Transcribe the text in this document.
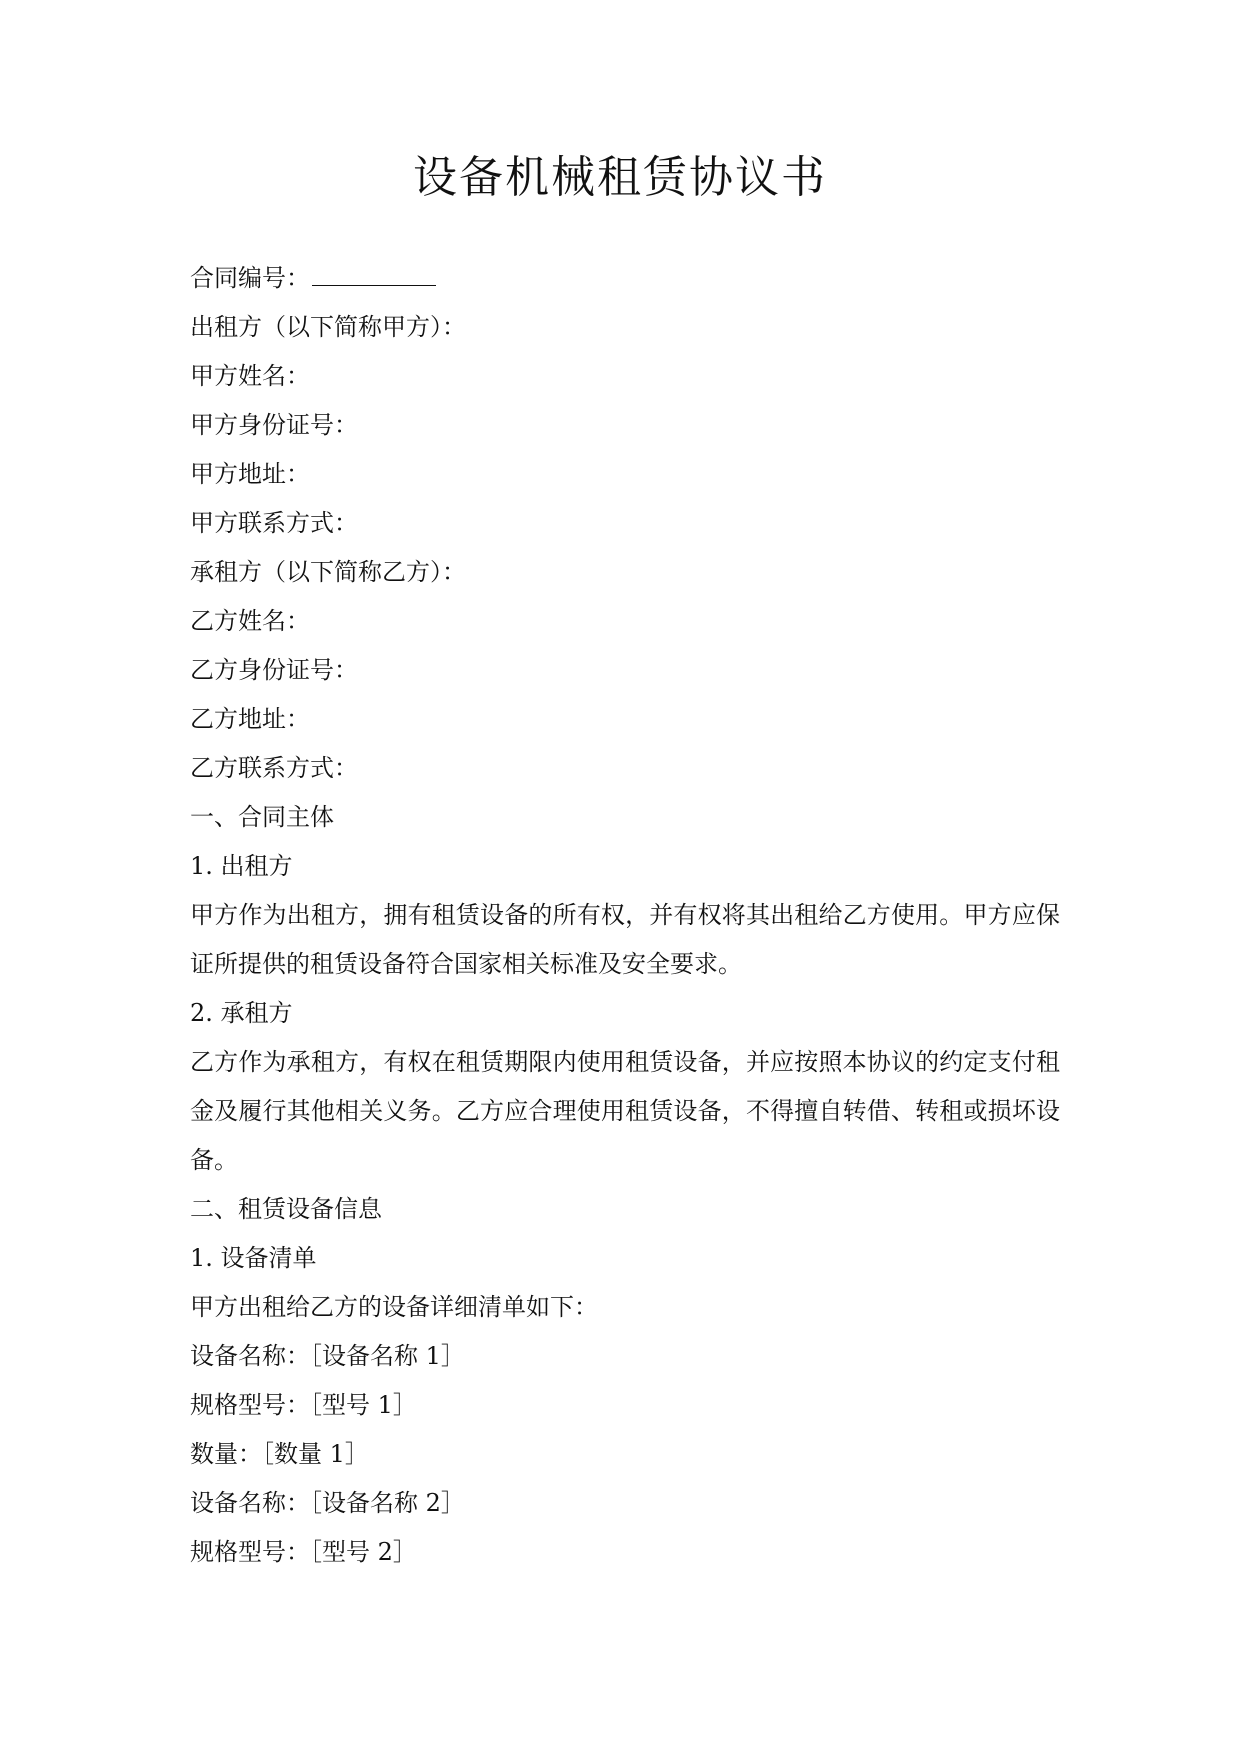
设备机械租赁协议书
合同编号：
出租方（以下简称甲方）：
甲方姓名：
甲方身份证号：
甲方地址：
甲方联系方式：
承租方（以下简称乙方）：
乙方姓名：
乙方身份证号：
乙方地址：
乙方联系方式：
一、合同主体
1. 出租方

甲方作为出租方，拥有租赁设备的所有权，并有权将其出租给乙方使用。甲方应保证所提供的租赁设备符合国家相关标准及安全要求。

2. 承租方

乙方作为承租方，有权在租赁期限内使用租赁设备，并应按照本协议的约定支付租金及履行其他相关义务。乙方应合理使用租赁设备，不得擅自转借、转租或损坏设备。

二、租赁设备信息
1. 设备清单
甲方出租给乙方的设备详细清单如下：
设备名称：［设备名称 1］
规格型号：［型号 1］
数量：［数量 1］
设备名称：［设备名称 2］
规格型号：［型号 2］
